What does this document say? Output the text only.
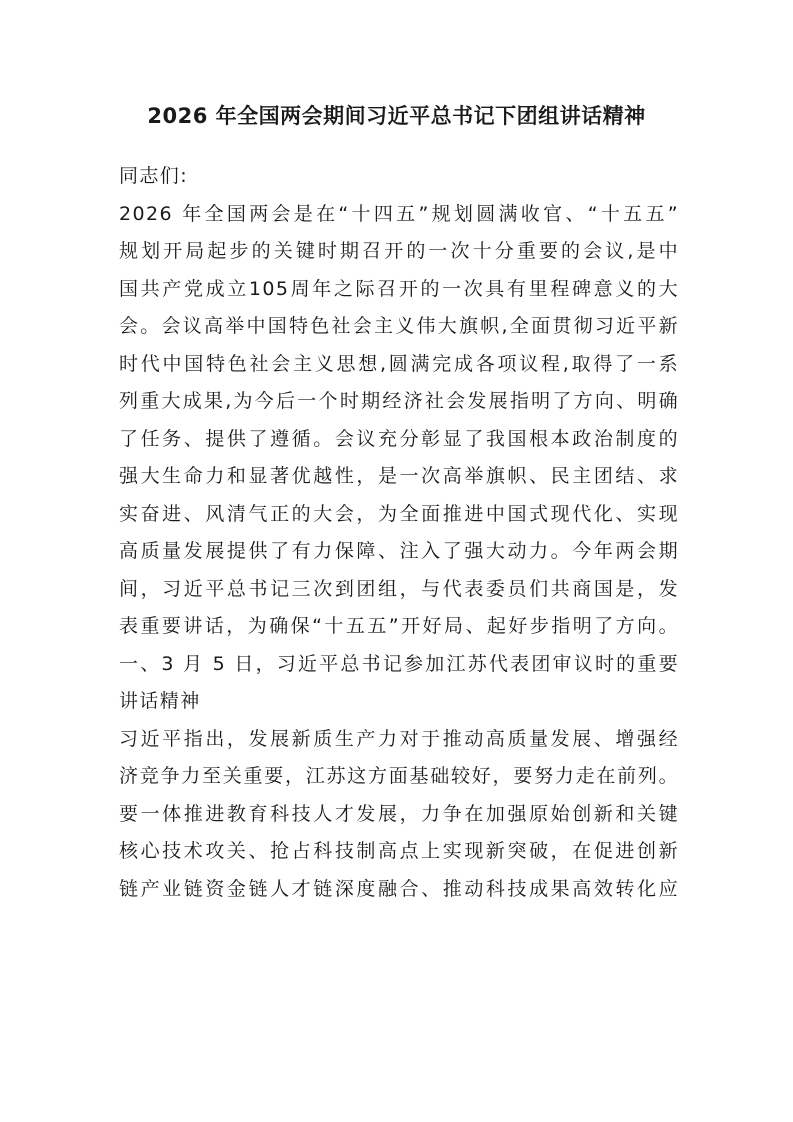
2026 年全国两会期间习近平总书记下团组讲话精神
同志们:
2026 年全国两会是在“十四五”规划圆满收官、“十五五”
规划开局起步的关键时期召开的一次十分重要的会议,是中
国共产党成立105周年之际召开的一次具有里程碑意义的大
会。会议高举中国特色社会主义伟大旗帜,全面贯彻习近平新
时代中国特色社会主义思想,圆满完成各项议程,取得了一系
列重大成果,为今后一个时期经济社会发展指明了方向、明确
了任务、提供了遵循。会议充分彰显了我国根本政治制度的
强大生命力和显著优越性，是一次高举旗帜、民主团结、求
实奋进、风清气正的大会，为全面推进中国式现代化、实现
高质量发展提供了有力保障、注入了强大动力。今年两会期
间，习近平总书记三次到团组，与代表委员们共商国是，发
表重要讲话，为确保“十五五”开好局、起好步指明了方向。
一、3 月 5 日，习近平总书记参加江苏代表团审议时的重要
讲话精神
习近平指出，发展新质生产力对于推动高质量发展、增强经
济竞争力至关重要，江苏这方面基础较好，要努力走在前列。
要一体推进教育科技人才发展，力争在加强原始创新和关键
核心技术攻关、抢占科技制高点上实现新突破，在促进创新
链产业链资金链人才链深度融合、推动科技成果高效转化应
